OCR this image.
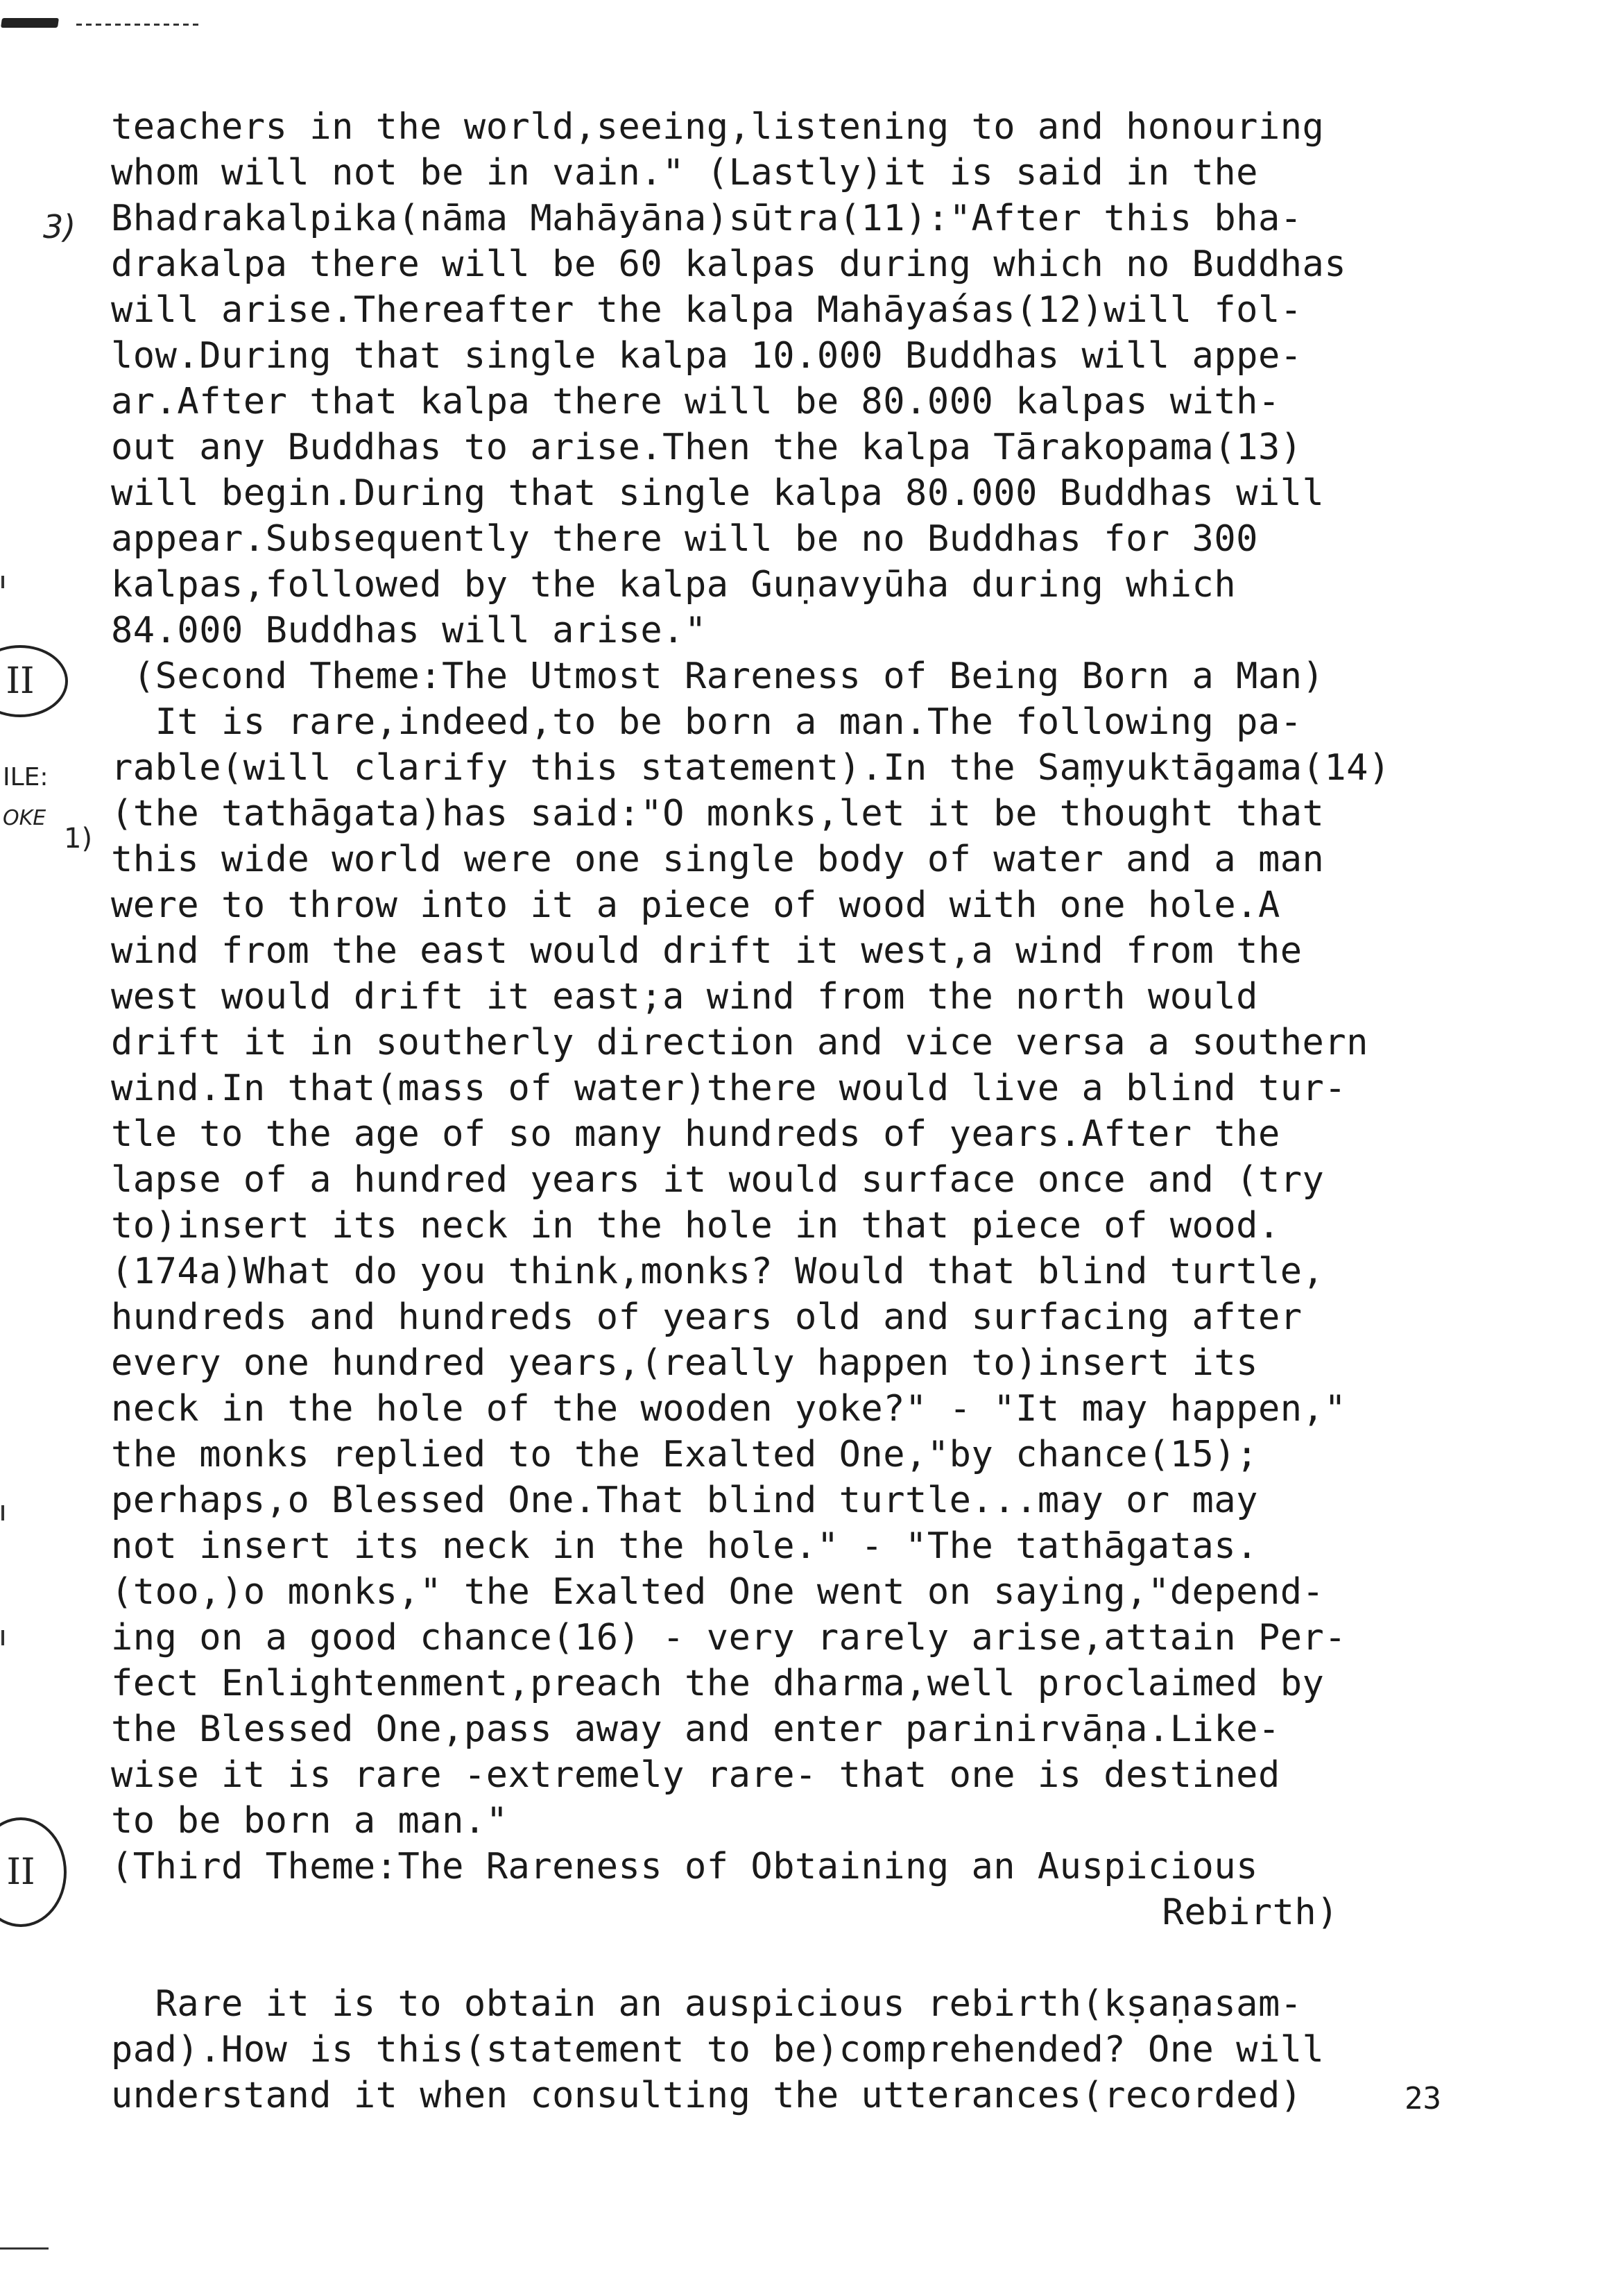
3)
II
ILE:
OKE
1)
II
teachers in the world,seeing,listening to and honouring
whom will not be in vain." (Lastly)it is said in the
Bhadrakalpika(nāma Mahāyāna)sūtra(11):"After this bha-
drakalpa there will be 60 kalpas during which no Buddhas
will arise.Thereafter the kalpa Mahāyaśas(12)will fol-
low.During that single kalpa 10.000 Buddhas will appe-
ar.After that kalpa there will be 80.000 kalpas with-
out any Buddhas to arise.Then the kalpa Tārakopama(13)
will begin.During that single kalpa 80.000 Buddhas will
appear.Subsequently there will be no Buddhas for 300
kalpas,followed by the kalpa Guṇavyūha during which
84.000 Buddhas will arise."
(Second Theme:The Utmost Rareness of Being Born a Man)
It is rare,indeed,to be born a man.The following pa-
rable(will clarify this statement).In the Saṃyuktāgama(14)
(the tathāgata)has said:"O monks,let it be thought that
this wide world were one single body of water and a man
were to throw into it a piece of wood with one hole.A
wind from the east would drift it west,a wind from the
west would drift it east;a wind from the north would
drift it in southerly direction and vice versa a southern
wind.In that(mass of water)there would live a blind tur-
tle to the age of so many hundreds of years.After the
lapse of a hundred years it would surface once and (try
to)insert its neck in the hole in that piece of wood.
(174a)What do you think,monks? Would that blind turtle,
hundreds and hundreds of years old and surfacing after
every one hundred years,(really happen to)insert its
neck in the hole of the wooden yoke?" - "It may happen,"
the monks replied to the Exalted One,"by chance(15);
perhaps,o Blessed One.That blind turtle...may or may
not insert its neck in the hole." - "The tathāgatas.
(too,)o monks," the Exalted One went on saying,"depend-
ing on a good chance(16) - very rarely arise,attain Per-
fect Enlightenment,preach the dharma,well proclaimed by
the Blessed One,pass away and enter parinirvāṇa.Like-
wise it is rare -extremely rare- that one is destined
to be born a man."
(Third Theme:The Rareness of Obtaining an Auspicious
Rebirth)
Rare it is to obtain an auspicious rebirth(kṣaṇasam-
pad).How is this(statement to be)comprehended? One will
understand it when consulting the utterances(recorded)	23
